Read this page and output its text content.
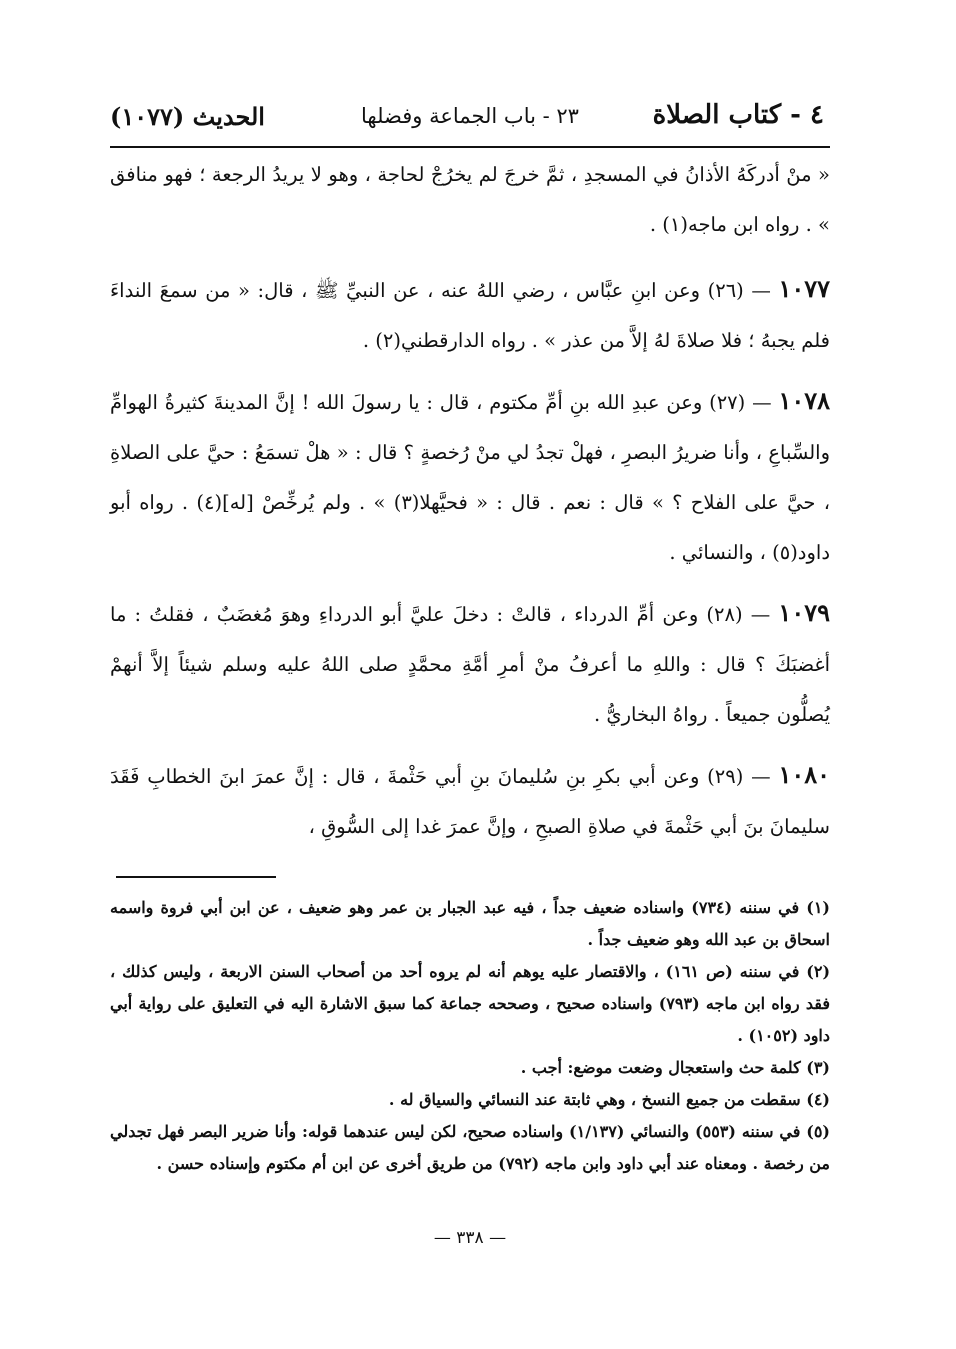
٤ - كتاب الصلاة
٢٣ - باب الجماعة وفضلها
الحديث (١٠٧٧)

« منْ أدركَهُ الأذانُ في المسجدِ ، ثمَّ خرجَ لم يخرُجْ لحاجة ، وهو لا يريدُ الرجعة ؛ فهو منافق » . رواه ابن ماجه(١) .

١٠٧٧ — (٢٦) وعن ابنِ عبَّاس ، رضي اللهُ عنه ، عن النبيِّ ﷺ ، قال: « من سمعَ النداءَ فلم يجبهُ ؛ فلا صلاةَ لهُ إلاَّ من عذر » . رواه الدارقطني(٢) .

١٠٧٨ — (٢٧) وعن عبدِ الله بنِ أمِّ مكتوم ، قال : يا رسولَ الله ! إنَّ المدينةَ كثيرةُ الهوامِّ والسِّباعِ ، وأنا ضريرُ البصرِ ، فهلْ تجدُ لي منْ رُخصةٍ ؟ قال : « هلْ تسمَعُ : حيَّ على الصلاةِ ، حيَّ على الفلاح ؟ » قال : نعم . قال : « فحيَّهلا(٣) » . ولم يُرخِّصْ [له](٤) . رواه أبو داود(٥) ، والنسائي .

١٠٧٩ — (٢٨) وعن أمِّ الدرداء ، قالتْ : دخلَ عليَّ أبو الدرداءِ وهوَ مُغضَبٌ ، فقلتُ : ما أغضبَكَ ؟ قال : واللهِ ما أعرفُ منْ أمرِ أمَّةِ محمَّدٍ صلى اللهُ عليه وسلم شيئاً إلاَّ أنهمْ يُصلُّون جميعاً . رواهُ البخاريُّ .

١٠٨٠ — (٢٩) وعن أبي بكرِ بنِ سُليمانَ بنِ أبي حَثْمةَ ، قال : إنَّ عمرَ ابنَ الخطابِ فَقَدَ سليمانَ بنَ أبي حَثْمةَ في صلاةِ الصبحِ ، وإنَّ عمرَ غدا إلى السُّوقِ ،

(١) في سننه (٧٣٤) واسناده ضعيف جداً ، فيه عبد الجبار بن عمر وهو ضعيف ، عن ابن أبي فروة واسمه اسحاق بن عبد الله وهو ضعيف جداً .

(٢) في سننه (ص ١٦١) ، والاقتصار عليه يوهم أنه لم يروه أحد من أصحاب السنن الاربعة ، وليس كذلك ، فقد رواه ابن ماجه (٧٩٣) واسناده صحيح ، وصححه جماعة كما سبق الاشارة اليه في التعليق على رواية أبي داود (١٠٥٢) .

(٣) كلمة حث واستعجال وضعت موضع: أجب .

(٤) سقطت من جميع النسخ ، وهي ثابتة عند النسائي والسياق له .

(٥) في سننه (٥٥٣) والنسائي (١/١٣٧) واسناده صحيح، لكن ليس عندهما قوله: وأنا ضرير البصر فهل تجدلي من رخصة . ومعناه عند أبي داود وابن ماجه (٧٩٢) من طريق أخرى عن ابن أم مكتوم وإسناده حسن .

— ٣٣٨ —
